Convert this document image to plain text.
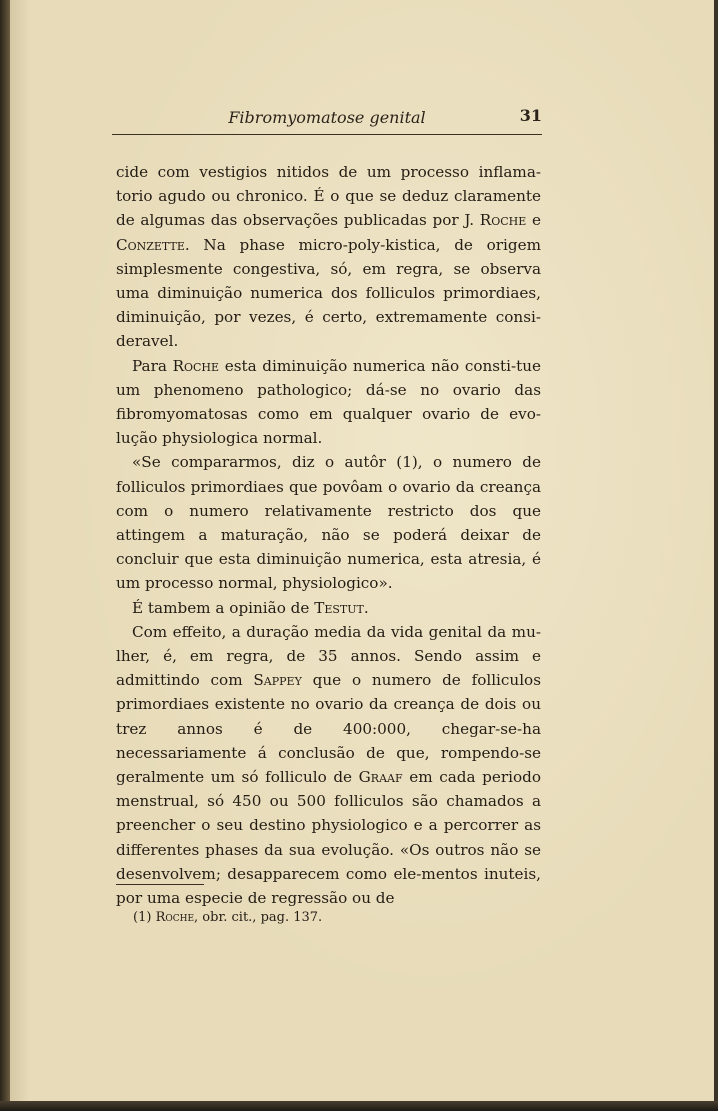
Fibromyomatose genital	31

cide com vestigios nitidos de um processo inflama-torio agudo ou chronico. É o que se deduz claramente de algumas das observações publicadas por J. Roche e Conzette. Na phase micro-poly-kistica, de origem simplesmente congestiva, só, em regra, se observa uma diminuição numerica dos folliculos primordiaes, diminuição, por vezes, é certo, extremamente consi-deravel.

Para Roche esta diminuição numerica não consti-tue um phenomeno pathologico; dá-se no ovario das fibromyomatosas como em qualquer ovario de evo-lução physiologica normal.

«Se compararmos, diz o autôr (1), o numero de folliculos primordiaes que povôam o ovario da creança com o numero relativamente restricto dos que attingem a maturação, não se poderá deixar de concluir que esta diminuição numerica, esta atresia, é um processo normal, physiologico».

É tambem a opinião de Testut.

Com effeito, a duração media da vida genital da mu-lher, é, em regra, de 35 annos. Sendo assim e admittindo com Sappey que o numero de folliculos primordiaes existente no ovario da creança de dois ou trez annos é de 400:000, chegar-se-ha necessariamente á conclusão de que, rompendo-se geralmente um só folliculo de Graaf em cada periodo menstrual, só 450 ou 500 folliculos são chamados a preencher o seu destino physiologico e a percorrer as differentes phases da sua evolução. «Os outros não se desenvolvem; desapparecem como ele-mentos inuteis, por uma especie de regressão ou de

(1) Roche, obr. cit., pag. 137.
